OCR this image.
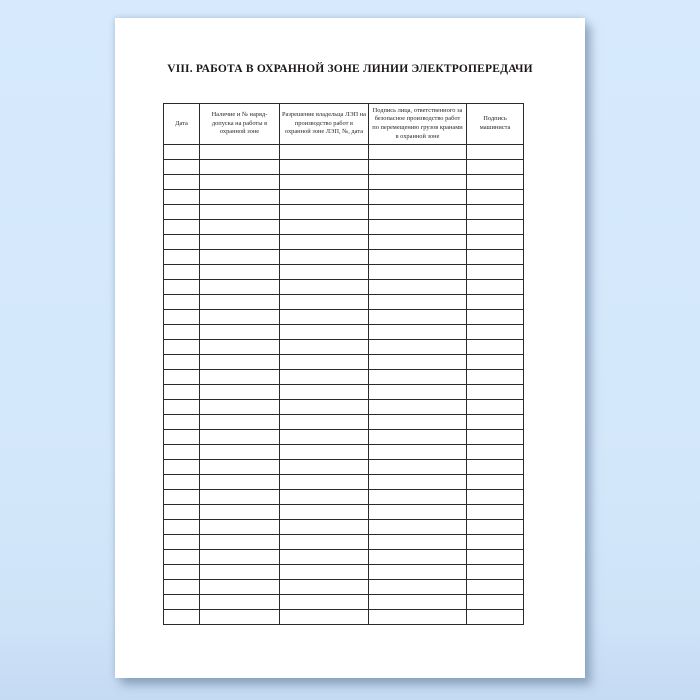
VIII. РАБОТА В ОХРАННОЙ ЗОНЕ ЛИНИИ ЭЛЕКТРОПЕРЕДАЧИ
Дата	Наличие и № наряд-допуска на работы в охранной зоне	Разрешение владельца ЛЭП на производство работ в охранной зоне ЛЭП, №, дата	Подпись лица, ответственного за безопасное производство работ по перемещению грузов кранами в охранной зоне	Подпись машиниста
